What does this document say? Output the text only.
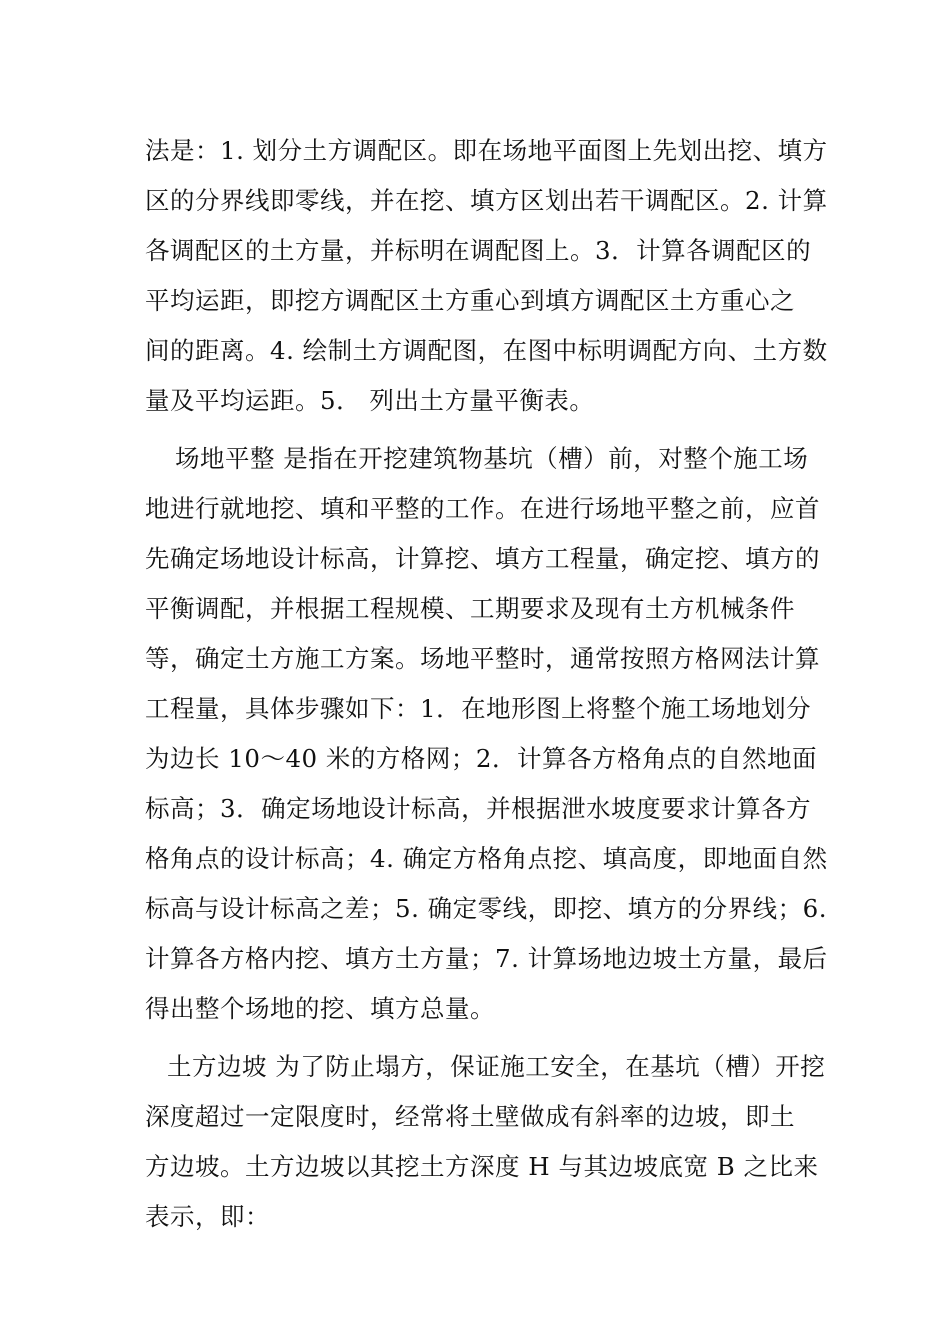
法是：1. 划分土方调配区。即在场地平面图上先划出挖、填方
区的分界线即零线，并在挖、填方区划出若干调配区。2. 计算
各调配区的土方量，并标明在调配图上。3．计算各调配区的
平均运距，即挖方调配区土方重心到填方调配区土方重心之
间的距离。4. 绘制土方调配图，在图中标明调配方向、土方数
量及平均运距。5． 列出土方量平衡表。
场地平整 是指在开挖建筑物基坑（槽）前，对整个施工场
地进行就地挖、填和平整的工作。在进行场地平整之前，应首
先确定场地设计标高，计算挖、填方工程量，确定挖、填方的
平衡调配，并根据工程规模、工期要求及现有土方机械条件
等，确定土方施工方案。场地平整时，通常按照方格网法计算
工程量，具体步骤如下：1．在地形图上将整个施工场地划分
为边长 10～40 米的方格网；2．计算各方格角点的自然地面
标高；3．确定场地设计标高，并根据泄水坡度要求计算各方
格角点的设计标高；4. 确定方格角点挖、填高度，即地面自然
标高与设计标高之差；5. 确定零线，即挖、填方的分界线；6.
计算各方格内挖、填方土方量；7. 计算场地边坡土方量，最后
得出整个场地的挖、填方总量。
土方边坡 为了防止塌方，保证施工安全，在基坑（槽）开挖
深度超过一定限度时，经常将土壁做成有斜率的边坡，即土
方边坡。土方边坡以其挖土方深度 H 与其边坡底宽 B 之比来
表示，即：
